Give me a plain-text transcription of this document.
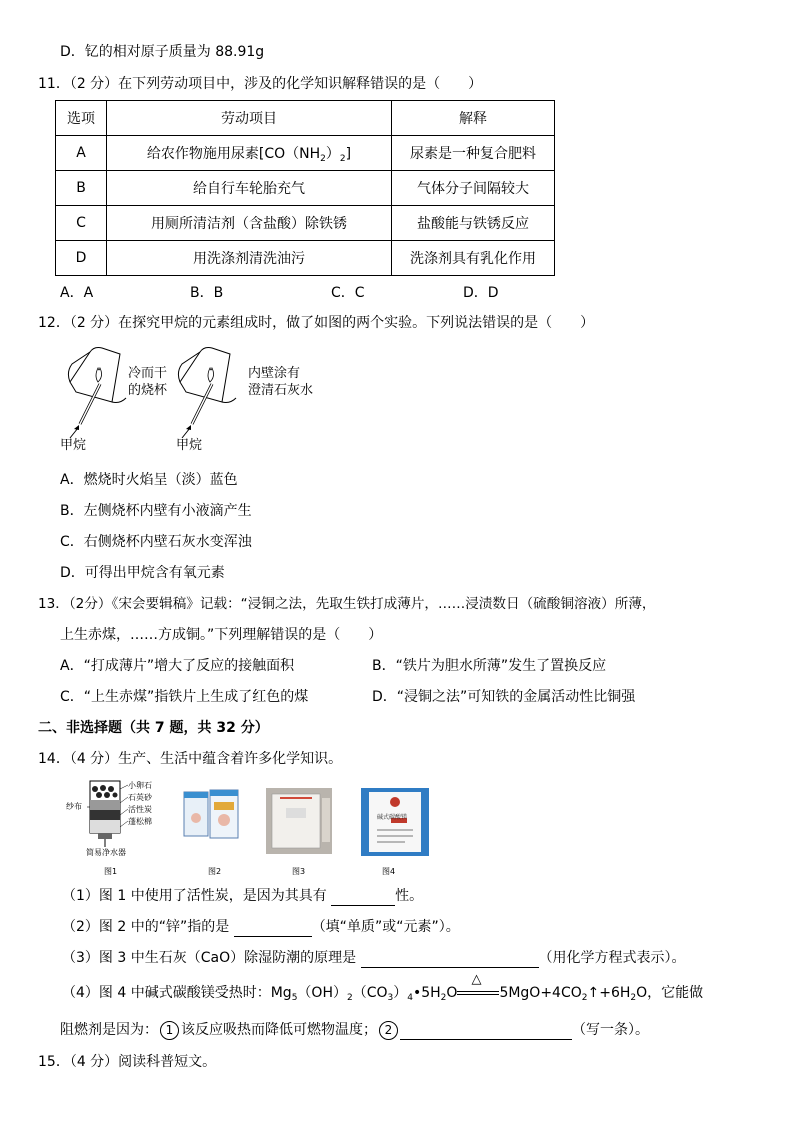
D．钇的相对原子质量为 88.91g
11．（2 分）在下列劳动项目中，涉及的化学知识解释错误的是（　　）
选项	劳动项目	解释
A	给农作物施用尿素$[CO(NH_2)_2]$	尿素是一种复合肥料
B	给自行车轮胎充气	气体分子间隔较大
C	用厕所清洁剂（含盐酸）除铁锈	盐酸能与铁锈反应
D	用洗涤剂清洗油污	洗涤剂具有乳化作用
A．A	B．B	C．C	D．D
12．（2 分）在探究甲烷的元素组成时，做了如图的两个实验。下列说法错误的是（　　）
冷而干
的烧杯
内壁涂有
澄清石灰水
甲烷	甲烷
A．燃烧时火焰呈（淡）蓝色
B．左侧烧杯内壁有小液滴产生
C．右侧烧杯内壁石灰水变浑浊
D．可得出甲烷含有氧元素
13．（2分）《宋会要辑稿》记载：“浸铜之法，先取生铁打成薄片，……浸渍数日（硫酸铜溶液）所薄，
上生赤煤，……方成铜。”下列理解错误的是（　　）
A．“打成薄片”增大了反应的接触面积	B．“铁片为胆水所薄”发生了置换反应
C．“上生赤煤”指铁片上生成了红色的煤	D．“浸铜之法”可知铁的金属活动性比铜强
二、非选择题（共 7 题，共 32 分）
14．（4 分）生产、生活中蕴含着许多化学知识。
纱布
小卵石
石英砂
活性炭
蓬松棉
简易净水器
图1	图2	图3
碱式碳酸镁
图4
（1）图 1 中使用了活性炭，是因为其具有	性。
（2）图 2 中的“锌”指的是	（填“单质”或“元素”）。
（3）图 3 中生石灰（CaO）除湿防潮的原理是	（用化学方程式表示）。
（4）图 4 中碱式碳酸镁受热时：$Mg_5(OH)_2(CO_3)_4•5H_2O$
△
$5MgO+4CO_2↑+6H_2O$，它能做
阻燃剂是因为： 1 该反应吸热而降低可燃物温度； 2	（写一条）。
15．（4 分）阅读科普短文。
